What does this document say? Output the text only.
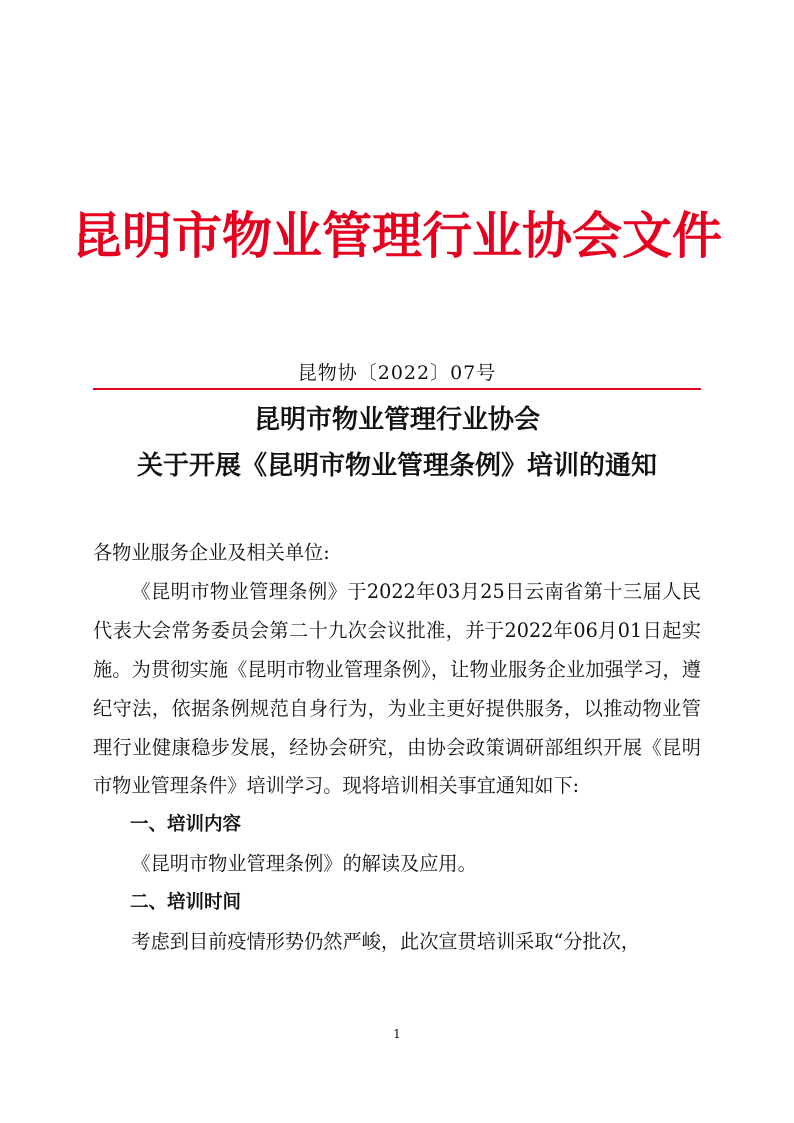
昆明市物业管理行业协会文件
昆物协〔2022〕07号
昆明市物业管理行业协会
关于开展《昆明市物业管理条例》培训的通知

各物业服务企业及相关单位:

《昆明市物业管理条例》于2022年03月25日云南省第十三届人民代表大会常务委员会第二十九次会议批准，并于2022年06月01日起实施。为贯彻实施《昆明市物业管理条例》，让物业服务企业加强学习，遵纪守法，依据条例规范自身行为，为业主更好提供服务，以推动物业管理行业健康稳步发展，经协会研究，由协会政策调研部组织开展《昆明市物业管理条件》培训学习。现将培训相关事宜通知如下:

一、培训内容

《昆明市物业管理条例》的解读及应用。

二、培训时间

考虑到目前疫情形势仍然严峻，此次宣贯培训采取“分批次，

1
